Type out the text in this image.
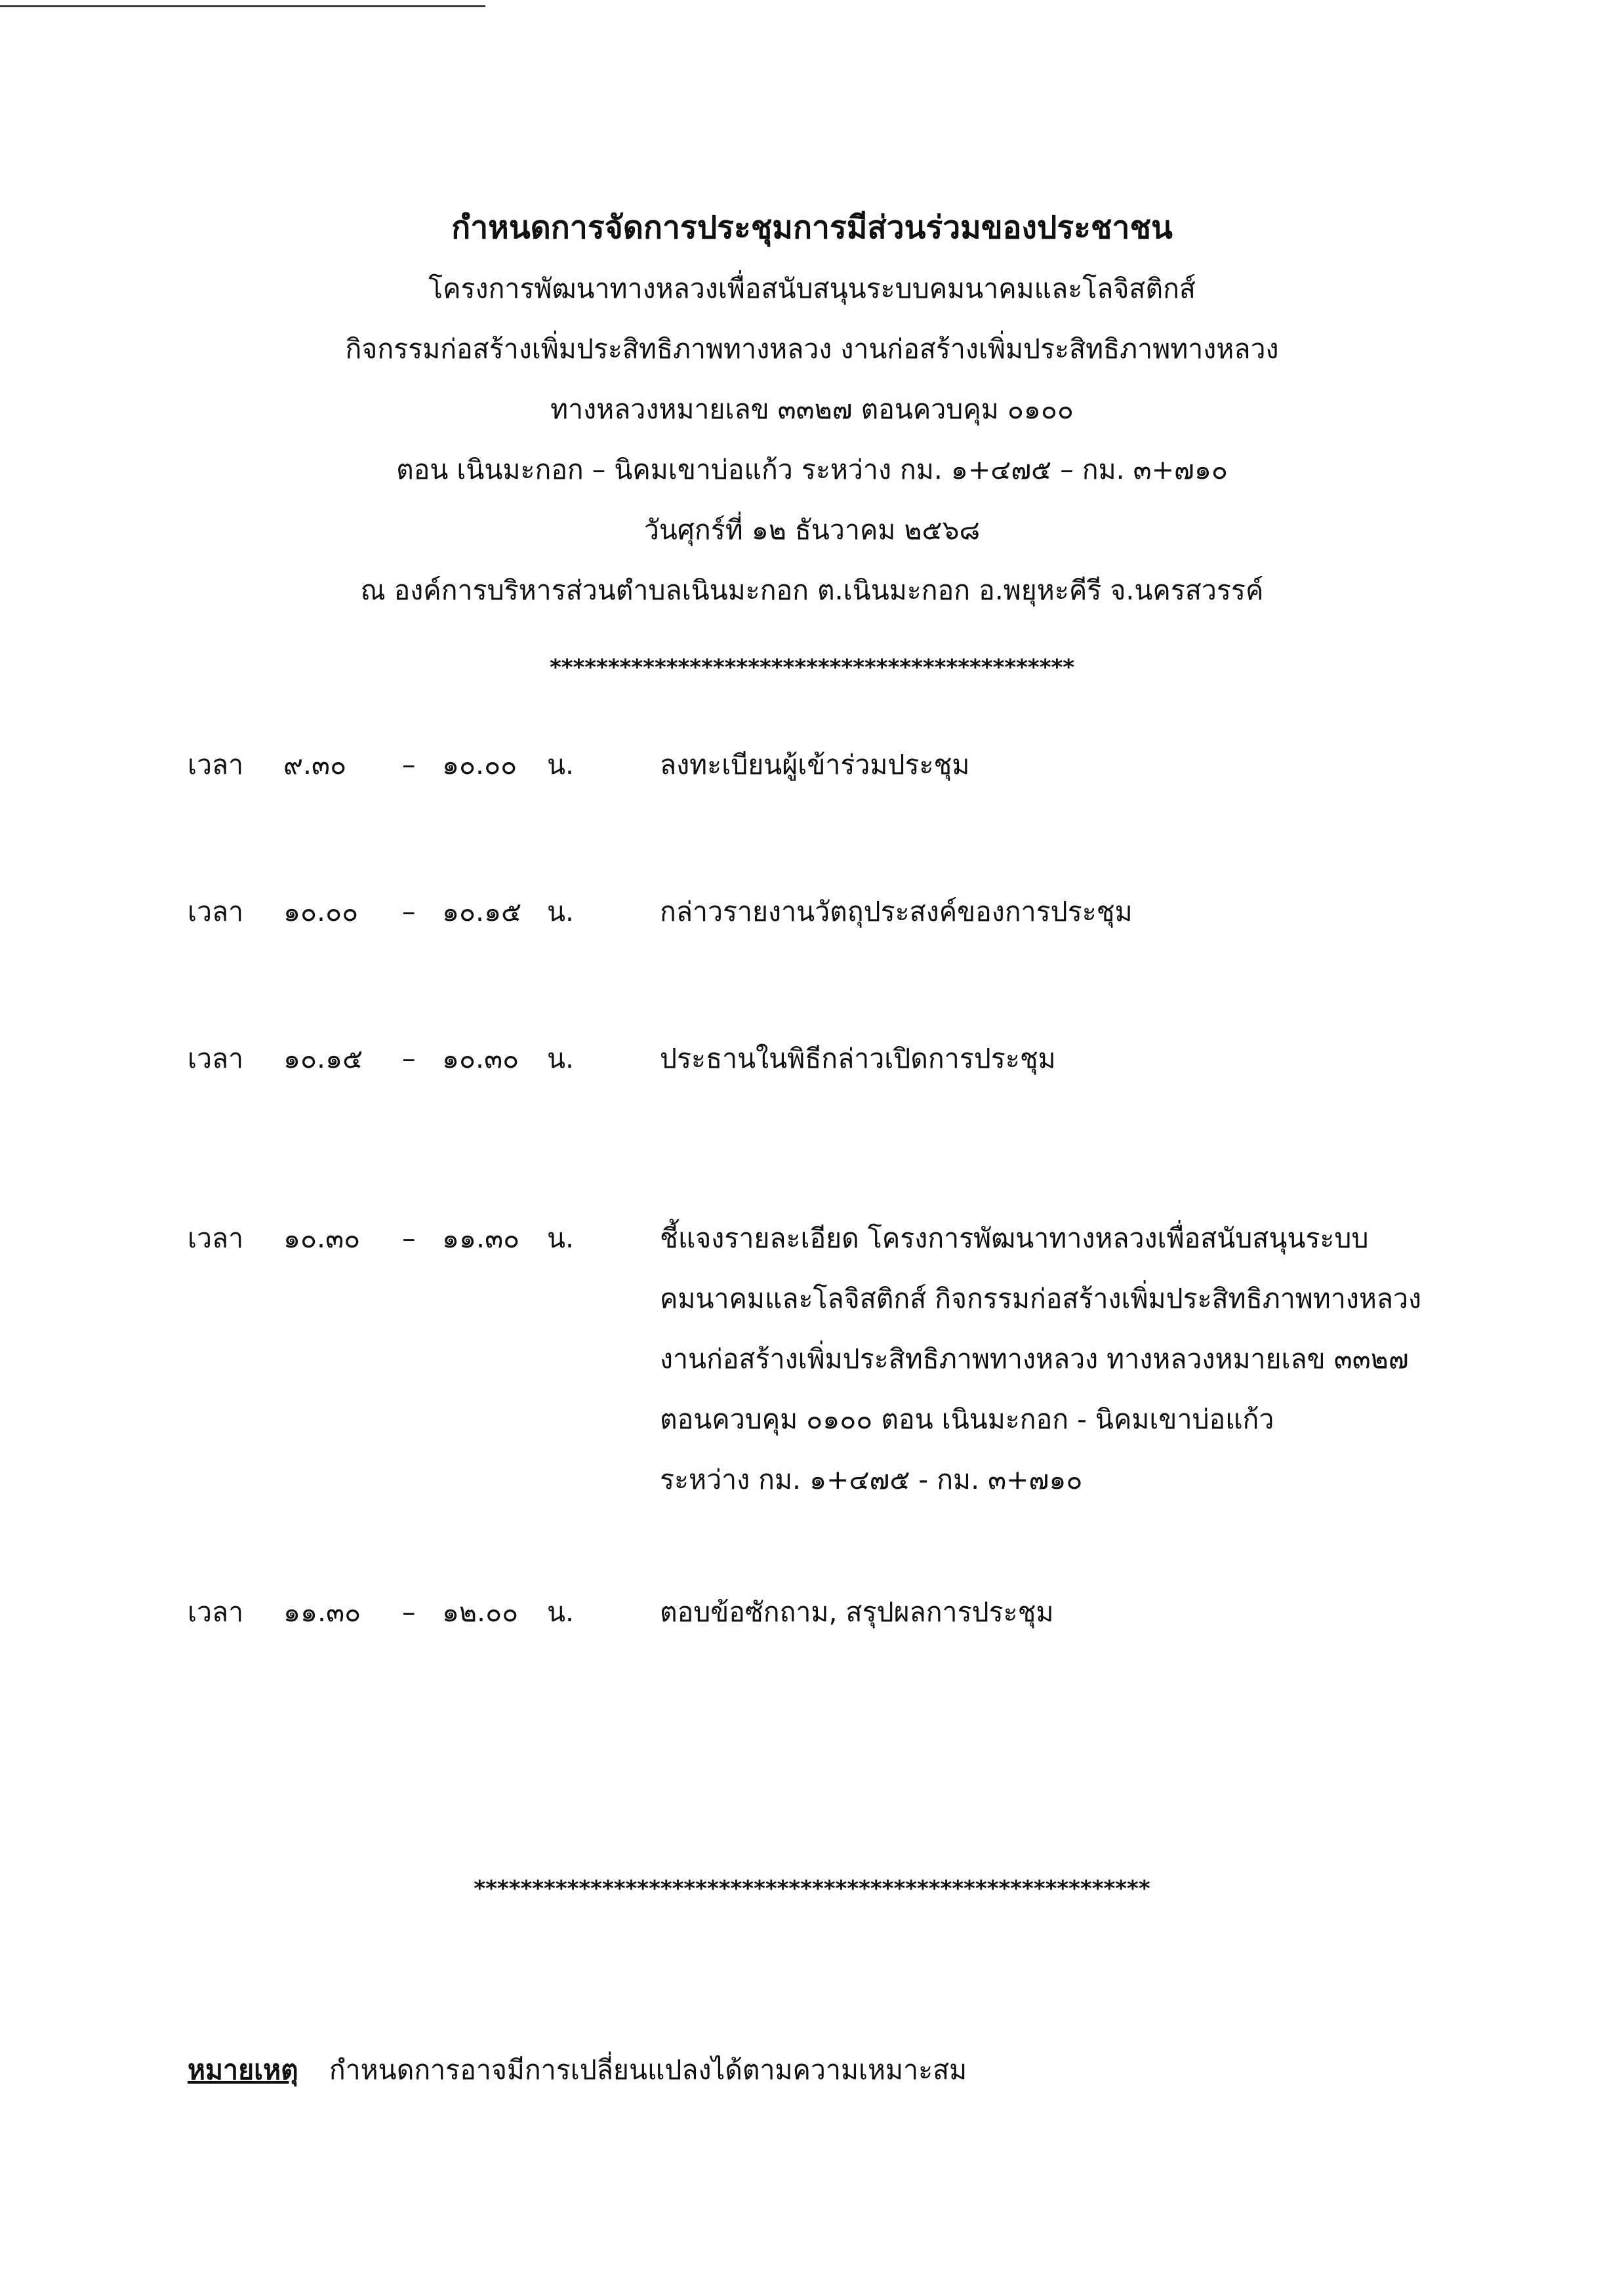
กำหนดการจัดการประชุมการมีส่วนร่วมของประชาชน
โครงการพัฒนาทางหลวงเพื่อสนับสนุนระบบคมนาคมและโลจิสติกส์
กิจกรรมก่อสร้างเพิ่มประสิทธิภาพทางหลวง งานก่อสร้างเพิ่มประสิทธิภาพทางหลวง
ทางหลวงหมายเลข ๓๓๒๗ ตอนควบคุม ๐๑๐๐
ตอน เนินมะกอก – นิคมเขาบ่อแก้ว ระหว่าง กม. ๑+๔๗๕ – กม. ๓+๗๑๐
วันศุกร์ที่ ๑๒ ธันวาคม ๒๕๖๘
ณ องค์การบริหารส่วนตำบลเนินมะกอก ต.เนินมะกอก อ.พยุหะคีรี จ.นครสวรรค์
*********************************************
เวลา ๙.๓๐ – ๑๐.๐๐ น.	ลงทะเบียนผู้เข้าร่วมประชุม
เวลา ๑๐.๐๐ – ๑๐.๑๕ น.	กล่าวรายงานวัตถุประสงค์ของการประชุม
เวลา ๑๐.๑๕ – ๑๐.๓๐ น.	ประธานในพิธีกล่าวเปิดการประชุม
เวลา ๑๐.๓๐ – ๑๑.๓๐ น.	ชี้แจงรายละเอียด โครงการพัฒนาทางหลวงเพื่อสนับสนุนระบบ
คมนาคมและโลจิสติกส์ กิจกรรมก่อสร้างเพิ่มประสิทธิภาพทางหลวง
งานก่อสร้างเพิ่มประสิทธิภาพทางหลวง ทางหลวงหมายเลข ๓๓๒๗
ตอนควบคุม ๐๑๐๐ ตอน เนินมะกอก - นิคมเขาบ่อแก้ว
ระหว่าง กม. ๑+๔๗๕ - กม. ๓+๗๑๐
เวลา ๑๑.๓๐ – ๑๒.๐๐ น.	ตอบข้อซักถาม, สรุปผลการประชุม
**********************************************************
หมายเหตุ กำหนดการอาจมีการเปลี่ยนแปลงได้ตามความเหมาะสม
